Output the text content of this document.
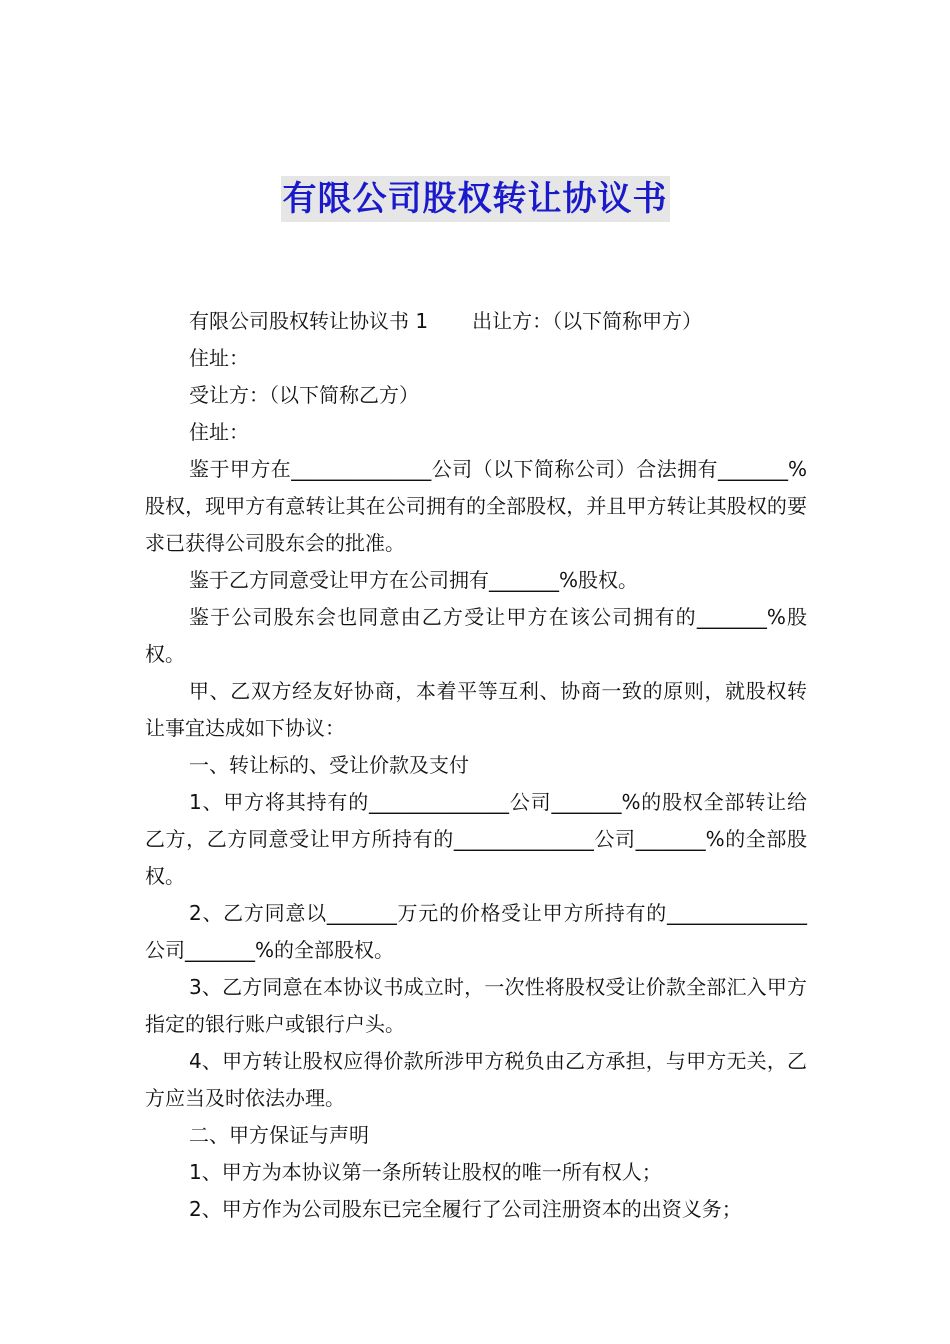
有限公司股权转让协议书

有限公司股权转让协议书 1 出让方：（以下简称甲方）

住址：

受让方：（以下简称乙方）

住址：

鉴于甲方在______________公司（以下简称公司）合法拥有_______%股权，现甲方有意转让其在公司拥有的全部股权，并且甲方转让其股权的要求已获得公司股东会的批准。

鉴于乙方同意受让甲方在公司拥有_______%股权。

鉴于公司股东会也同意由乙方受让甲方在该公司拥有的_______%股权。

甲、乙双方经友好协商，本着平等互利、协商一致的原则，就股权转让事宜达成如下协议：

一、转让标的、受让价款及支付

1、甲方将其持有的______________公司_______%的股权全部转让给乙方，乙方同意受让甲方所持有的______________公司_______%的全部股权。

2、乙方同意以_______万元的价格受让甲方所持有的______________公司_______%的全部股权。

3、乙方同意在本协议书成立时，一次性将股权受让价款全部汇入甲方指定的银行账户或银行户头。

4、甲方转让股权应得价款所涉甲方税负由乙方承担，与甲方无关，乙方应当及时依法办理。

二、甲方保证与声明

1、甲方为本协议第一条所转让股权的唯一所有权人；

2、甲方作为公司股东已完全履行了公司注册资本的出资义务；
